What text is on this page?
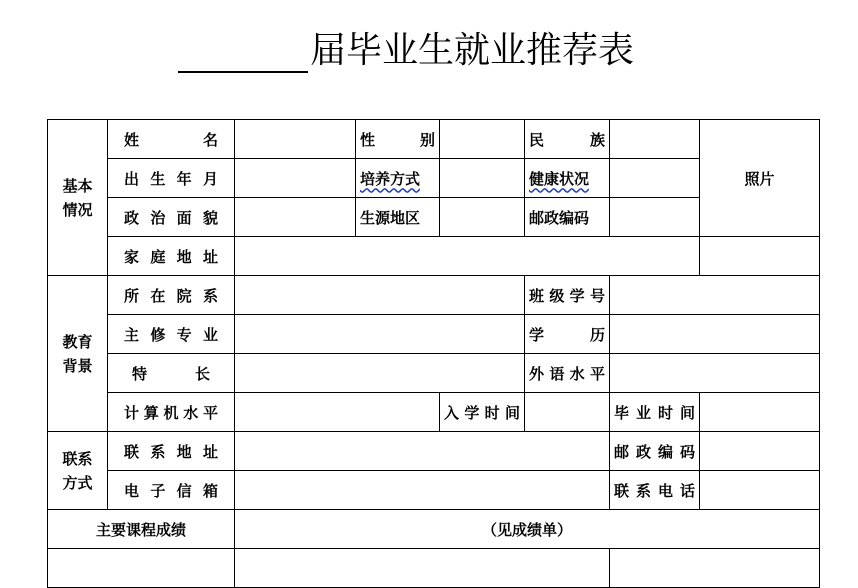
届毕业生就业推荐表
基本
情况	姓　名		性　别		民　族		照片
	出生年月		培养方式		健康状况		
	政治面貌		生源地区		邮政编码		
	家庭地址						

教育
背景	所在院系				班级学号		
	主修专业				学　历		
	特　长				外语水平		
	计算机水平			入学时间		毕业时间	

联系
方式	联系地址					邮政编码	
	电子信箱					联系电话	
主要课程成绩		（见成绩单）					
